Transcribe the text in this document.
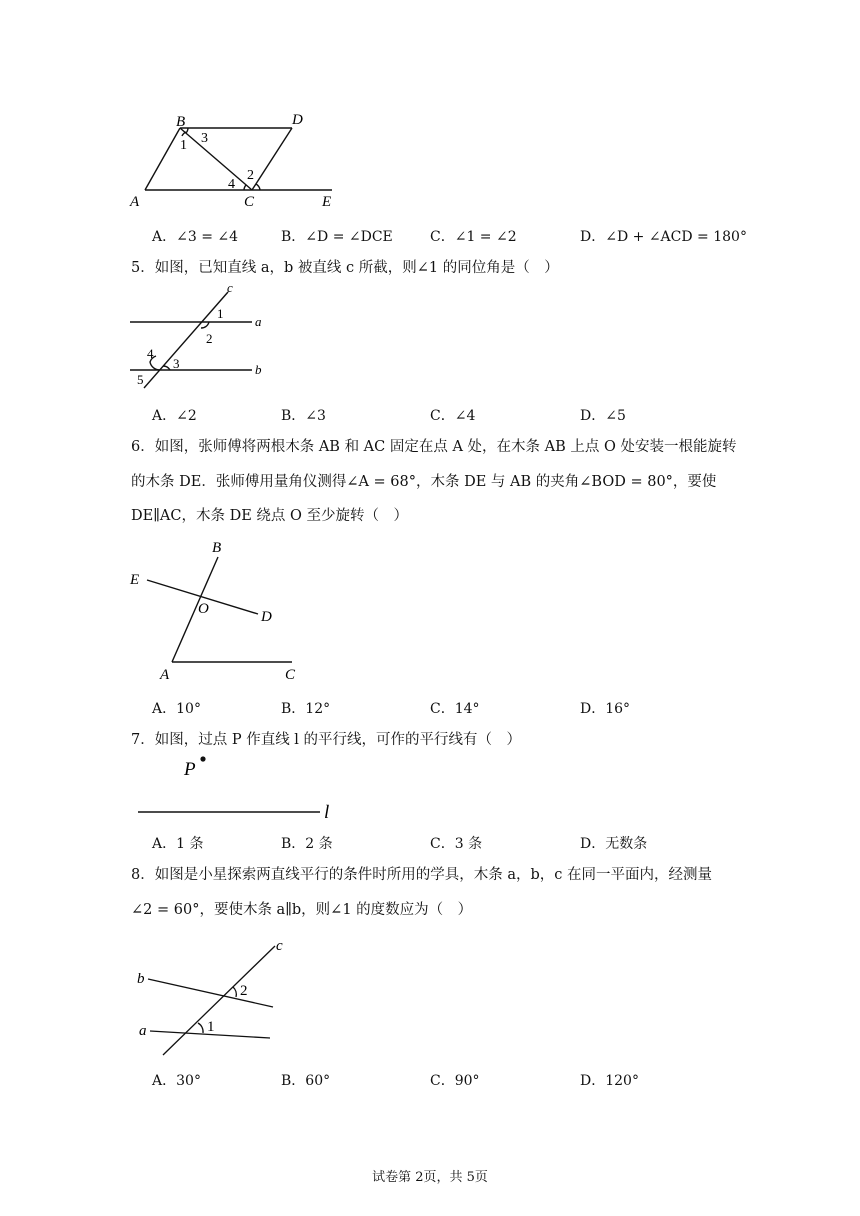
B	D
A	C	E
1 3
2
4
A．∠3 = ∠4	B．∠D = ∠DCE	C．∠1 = ∠2	D．∠D + ∠ACD = 180°
5．如图，已知直线 a，b 被直线 c 所截，则∠1 的同位角是（　）
c
a
b
1
2
3
4
5
A．∠2	B．∠3	C．∠4	D．∠5
6．如图，张师傅将两根木条 AB 和 AC 固定在点 A 处，在木条 AB 上点 O 处安装一根能旋转
的木条 DE．张师傅用量角仪测得∠A = 68°，木条 DE 与 AB 的夹角∠BOD = 80°，要使
DE∥AC，木条 DE 绕点 O 至少旋转（　）
B
E
O	D
A	C
A．10°	B．12°	C．14°	D．16°
7．如图，过点 P 作直线 l 的平行线，可作的平行线有（　）
P
l
A．1 条	B．2 条	C．3 条	D．无数条
8．如图是小星探索两直线平行的条件时所用的学具，木条 a，b，c 在同一平面内，经测量
∠2 = 60°，要使木条 a∥b，则∠1 的度数应为（　）
c
b
a
2
1
A．30°	B．60°	C．90°	D．120°
试卷第 2页，共 5页
